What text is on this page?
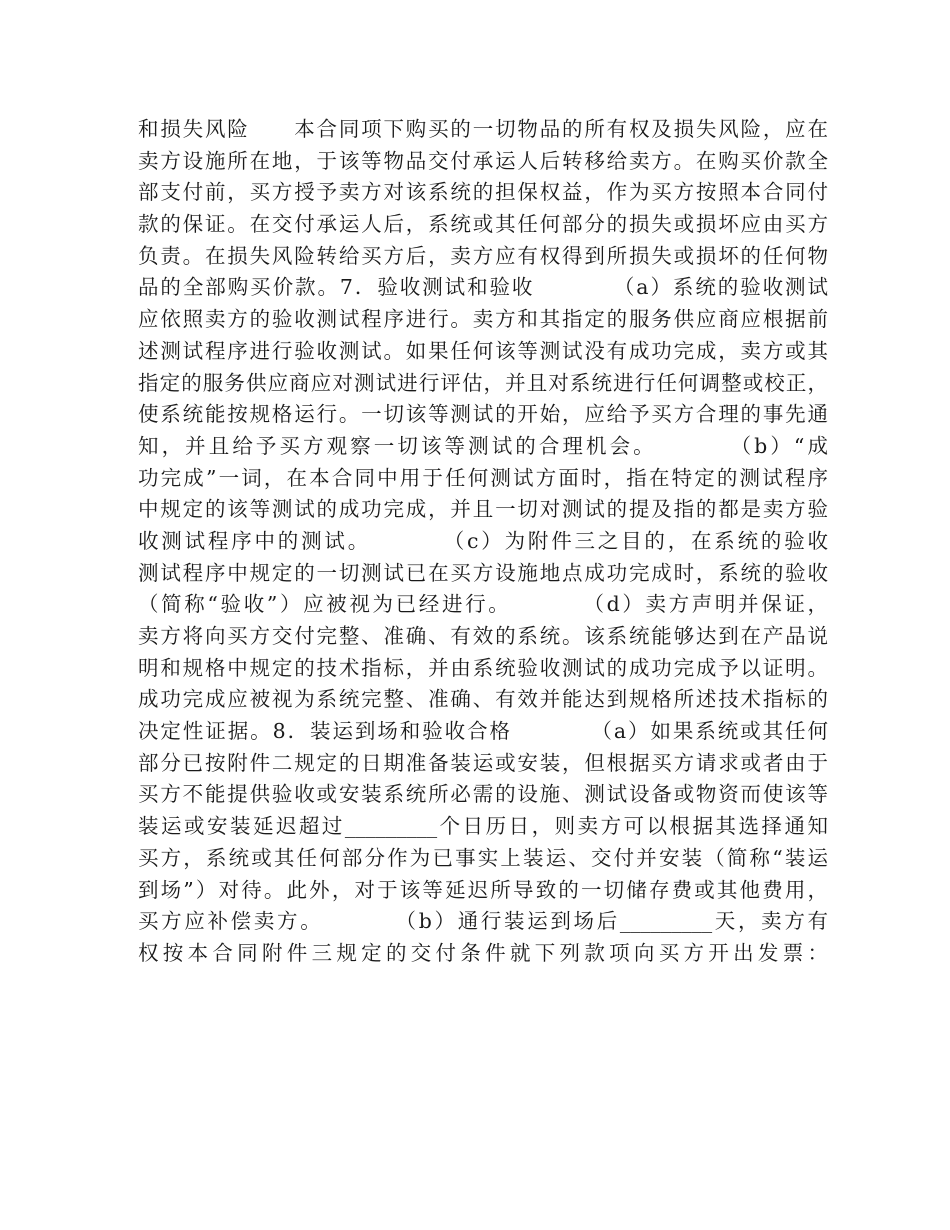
和损失风险　　本合同项下购买的一切物品的所有权及损失风险，应在
卖方设施所在地，于该等物品交付承运人后转移给卖方。在购买价款全
部支付前，买方授予卖方对该系统的担保权益，作为买方按照本合同付
款的保证。在交付承运人后，系统或其任何部分的损失或损坏应由买方
负责。在损失风险转给买方后，卖方应有权得到所损失或损坏的任何物
品的全部购买价款。7．验收测试和验收　　　　（a）系统的验收测试
应依照卖方的验收测试程序进行。卖方和其指定的服务供应商应根据前
述测试程序进行验收测试。如果任何该等测试没有成功完成，卖方或其
指定的服务供应商应对测试进行评估，并且对系统进行任何调整或校正，
使系统能按规格运行。一切该等测试的开始，应给予买方合理的事先通
知，并且给予买方观察一切该等测试的合理机会。　　　　（b）“成
功完成”一词，在本合同中用于任何测试方面时，指在特定的测试程序
中规定的该等测试的成功完成，并且一切对测试的提及指的都是卖方验
收测试程序中的测试。　　　　（c）为附件三之目的，在系统的验收
测试程序中规定的一切测试已在买方设施地点成功完成时，系统的验收
（简称“验收”）应被视为已经进行。　　　　（d）卖方声明并保证，
卖方将向买方交付完整、准确、有效的系统。该系统能够达到在产品说
明和规格中规定的技术指标，并由系统验收测试的成功完成予以证明。
成功完成应被视为系统完整、准确、有效并能达到规格所述技术指标的
决定性证据。8．装运到场和验收合格　　　　（a）如果系统或其任何
部分已按附件二规定的日期准备装运或安装，但根据买方请求或者由于
买方不能提供验收或安装系统所必需的设施、测试设备或物资而使该等
装运或安装延迟超过_________个日历日，则卖方可以根据其选择通知
买方，系统或其任何部分作为已事实上装运、交付并安装（简称“装运
到场”）对待。此外，对于该等延迟所导致的一切储存费或其他费用，
买方应补偿卖方。　　　　（b）通行装运到场后_________天，卖方有
权按本合同附件三规定的交付条件就下列款项向买方开出发票：
